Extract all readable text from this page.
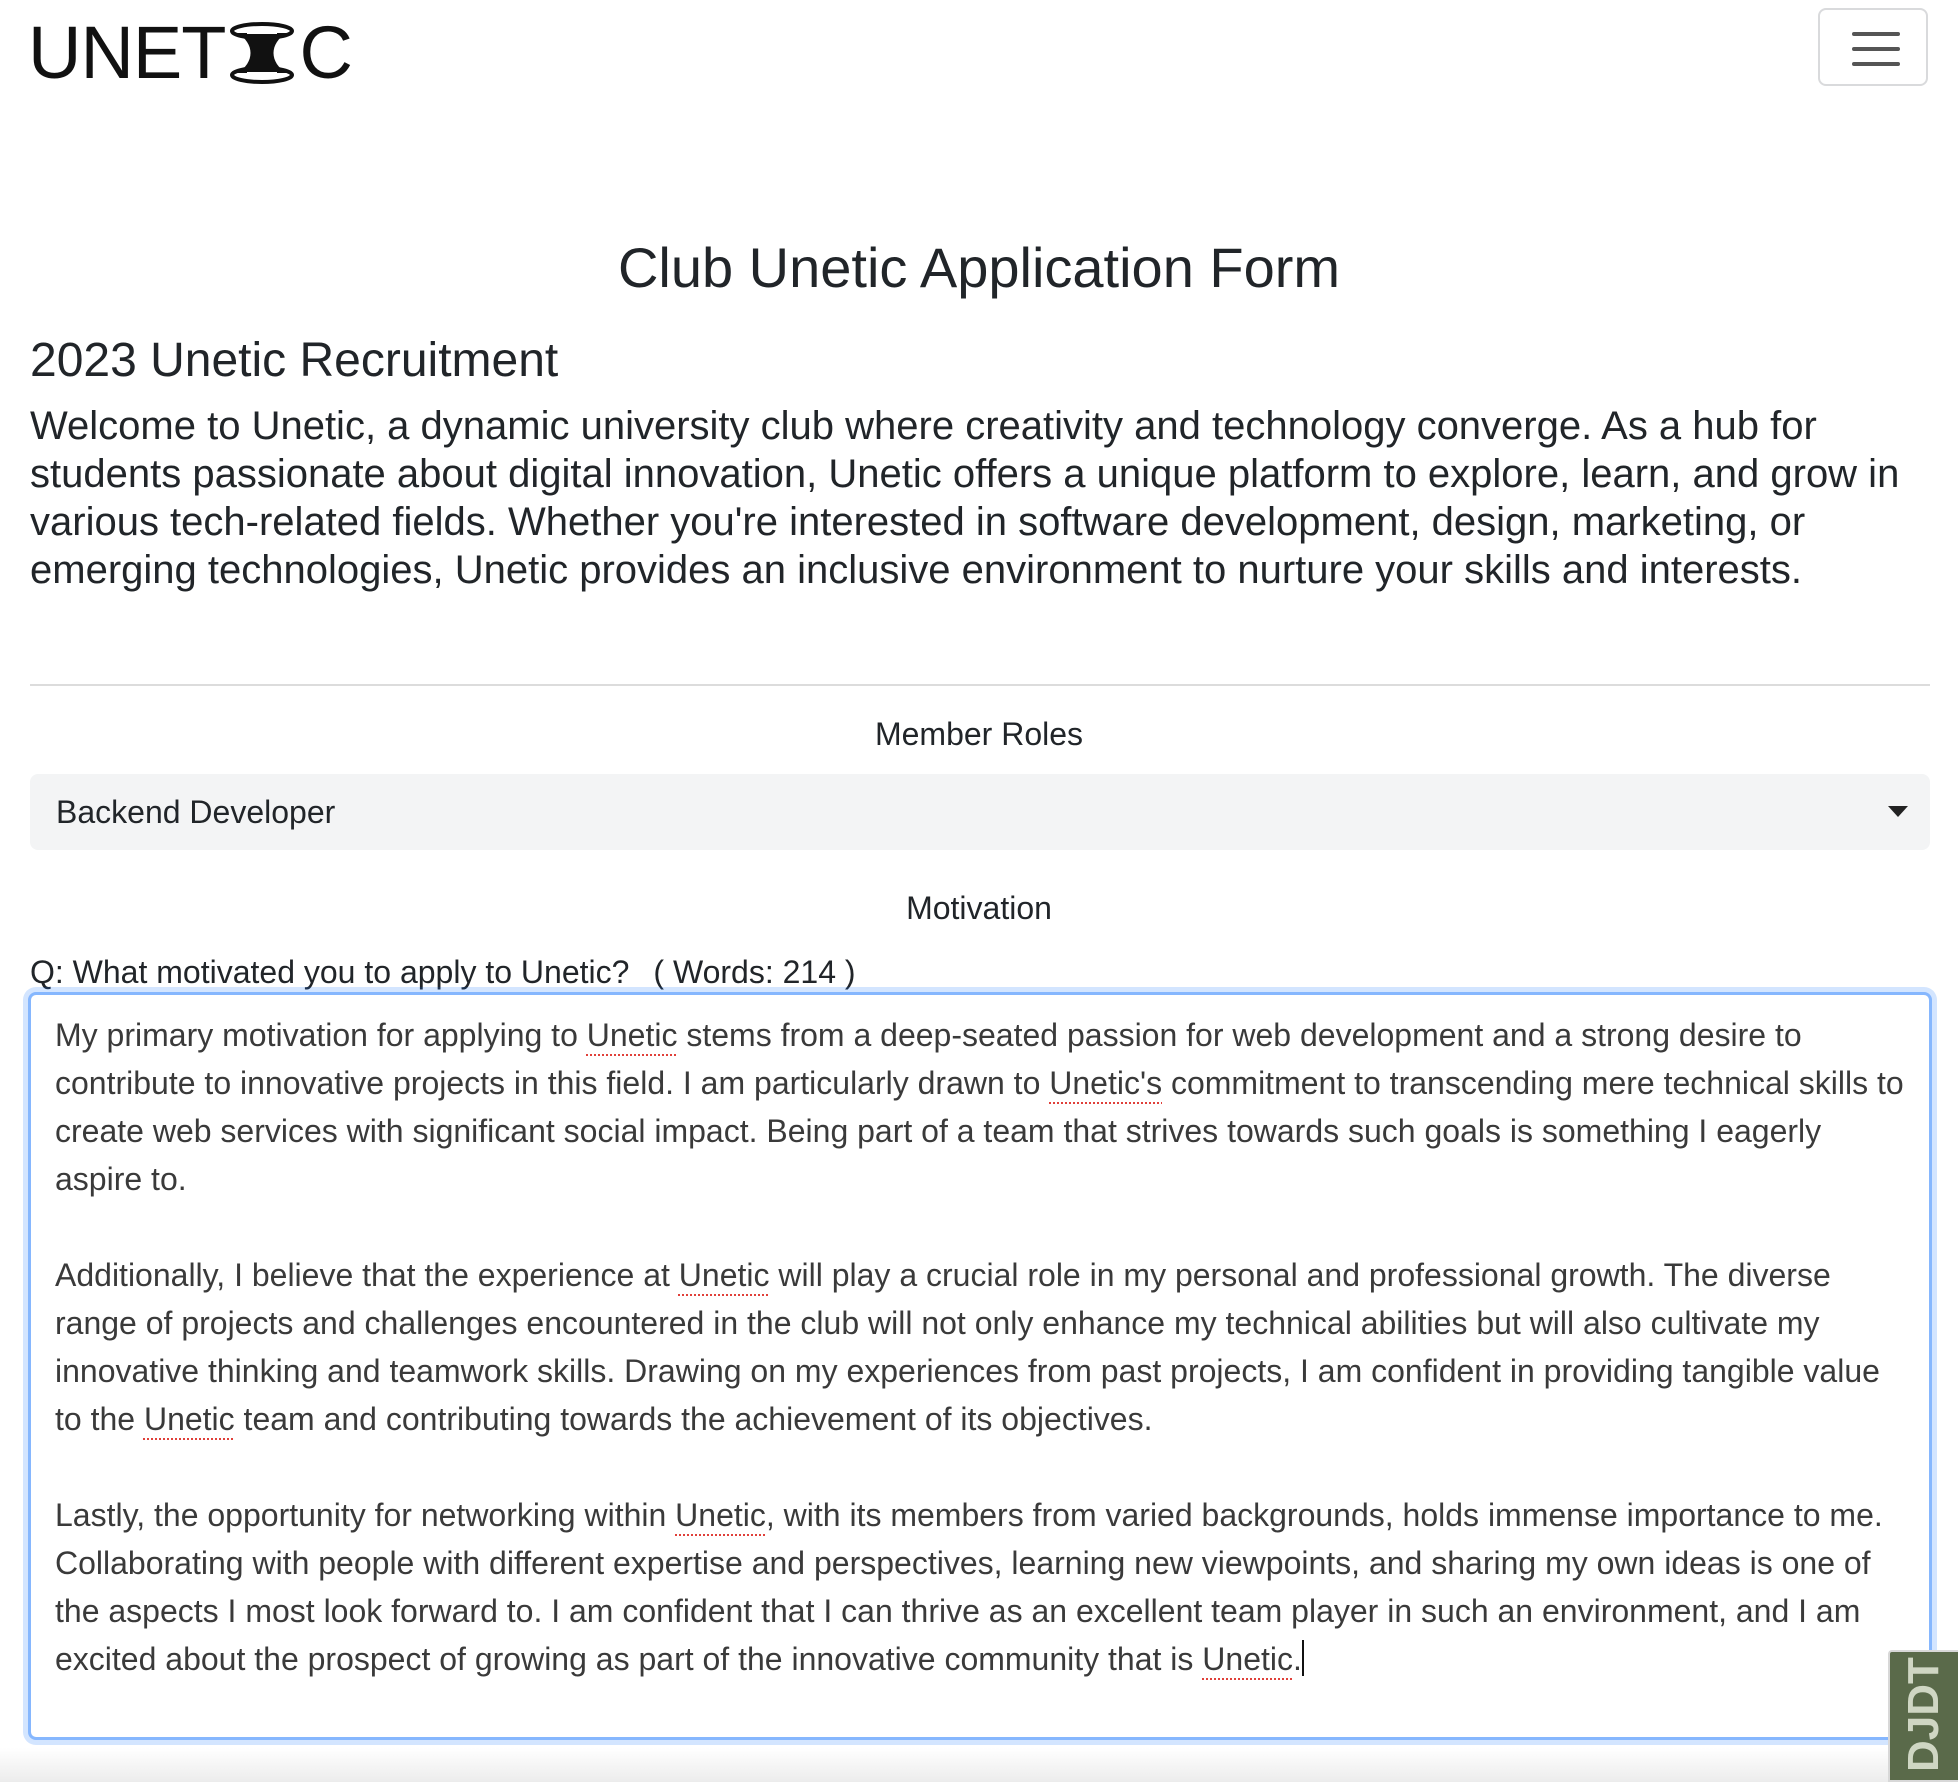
UNET C
Club Unetic Application Form
2023 Unetic Recruitment

Welcome to Unetic, a dynamic university club where creativity and technology converge. As a hub for students passionate about digital innovation, Unetic offers a unique platform to explore, learn, and grow in various tech-related fields. Whether you're interested in software development, design, marketing, or emerging technologies, Unetic provides an inclusive environment to nurture your skills and interests.

Member Roles
Backend Developer
Motivation
Q: What motivated you to apply to Unetic? ( Words: 214 )

My primary motivation for applying to Unetic stems from a deep-seated passion for web development and a strong desire to contribute to innovative projects in this field. I am particularly drawn to Unetic's commitment to transcending mere technical skills to create web services with significant social impact. Being part of a team that strives towards such goals is something I eagerly aspire to.

Additionally, I believe that the experience at Unetic will play a crucial role in my personal and professional growth. The diverse range of projects and challenges encountered in the club will not only enhance my technical abilities but will also cultivate my innovative thinking and teamwork skills. Drawing on my experiences from past projects, I am confident in providing tangible value to the Unetic team and contributing towards the achievement of its objectives.

Lastly, the opportunity for networking within Unetic, with its members from varied backgrounds, holds immense importance to me. Collaborating with people with different expertise and perspectives, learning new viewpoints, and sharing my own ideas is one of the aspects I most look forward to. I am confident that I can thrive as an excellent team player in such an environment, and I am excited about the prospect of growing as part of the innovative community that is Unetic.	DJDT
